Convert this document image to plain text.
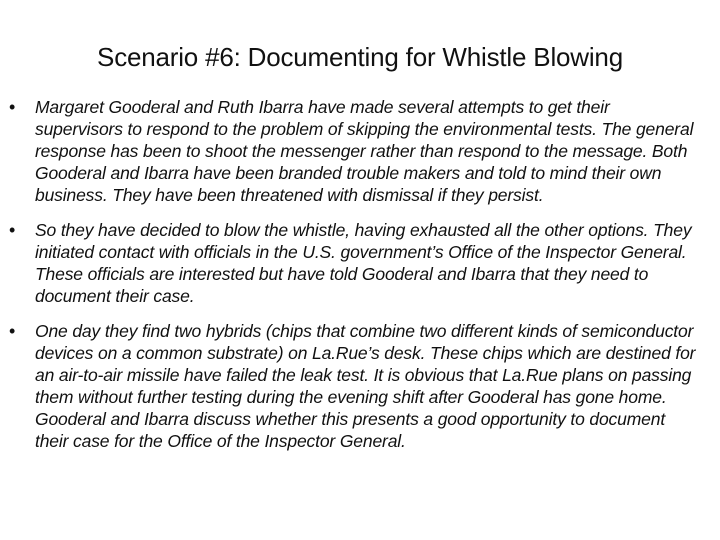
Scenario #6: Documenting for Whistle Blowing
• Margaret Gooderal and Ruth Ibarra have made several attempts to get their supervisors to respond to the problem of skipping the environmental tests. The general response has been to shoot the messenger rather than respond to the message. Both Gooderal and Ibarra have been branded trouble makers and told to mind their own business. They have been threatened with dismissal if they persist.
• So they have decided to blow the whistle, having exhausted all the other options. They initiated contact with officials in the U.S. government’s Office of the Inspector General. These officials are interested but have told Gooderal and Ibarra that they need to document their case.
• One day they find two hybrids (chips that combine two different kinds of semiconductor devices on a common substrate) on La.Rue’s desk. These chips which are destined for an air-to-air missile have failed the leak test. It is obvious that La.Rue plans on passing them without further testing during the evening shift after Gooderal has gone home. Gooderal and Ibarra discuss whether this presents a good opportunity to document their case for the Office of the Inspector General.
